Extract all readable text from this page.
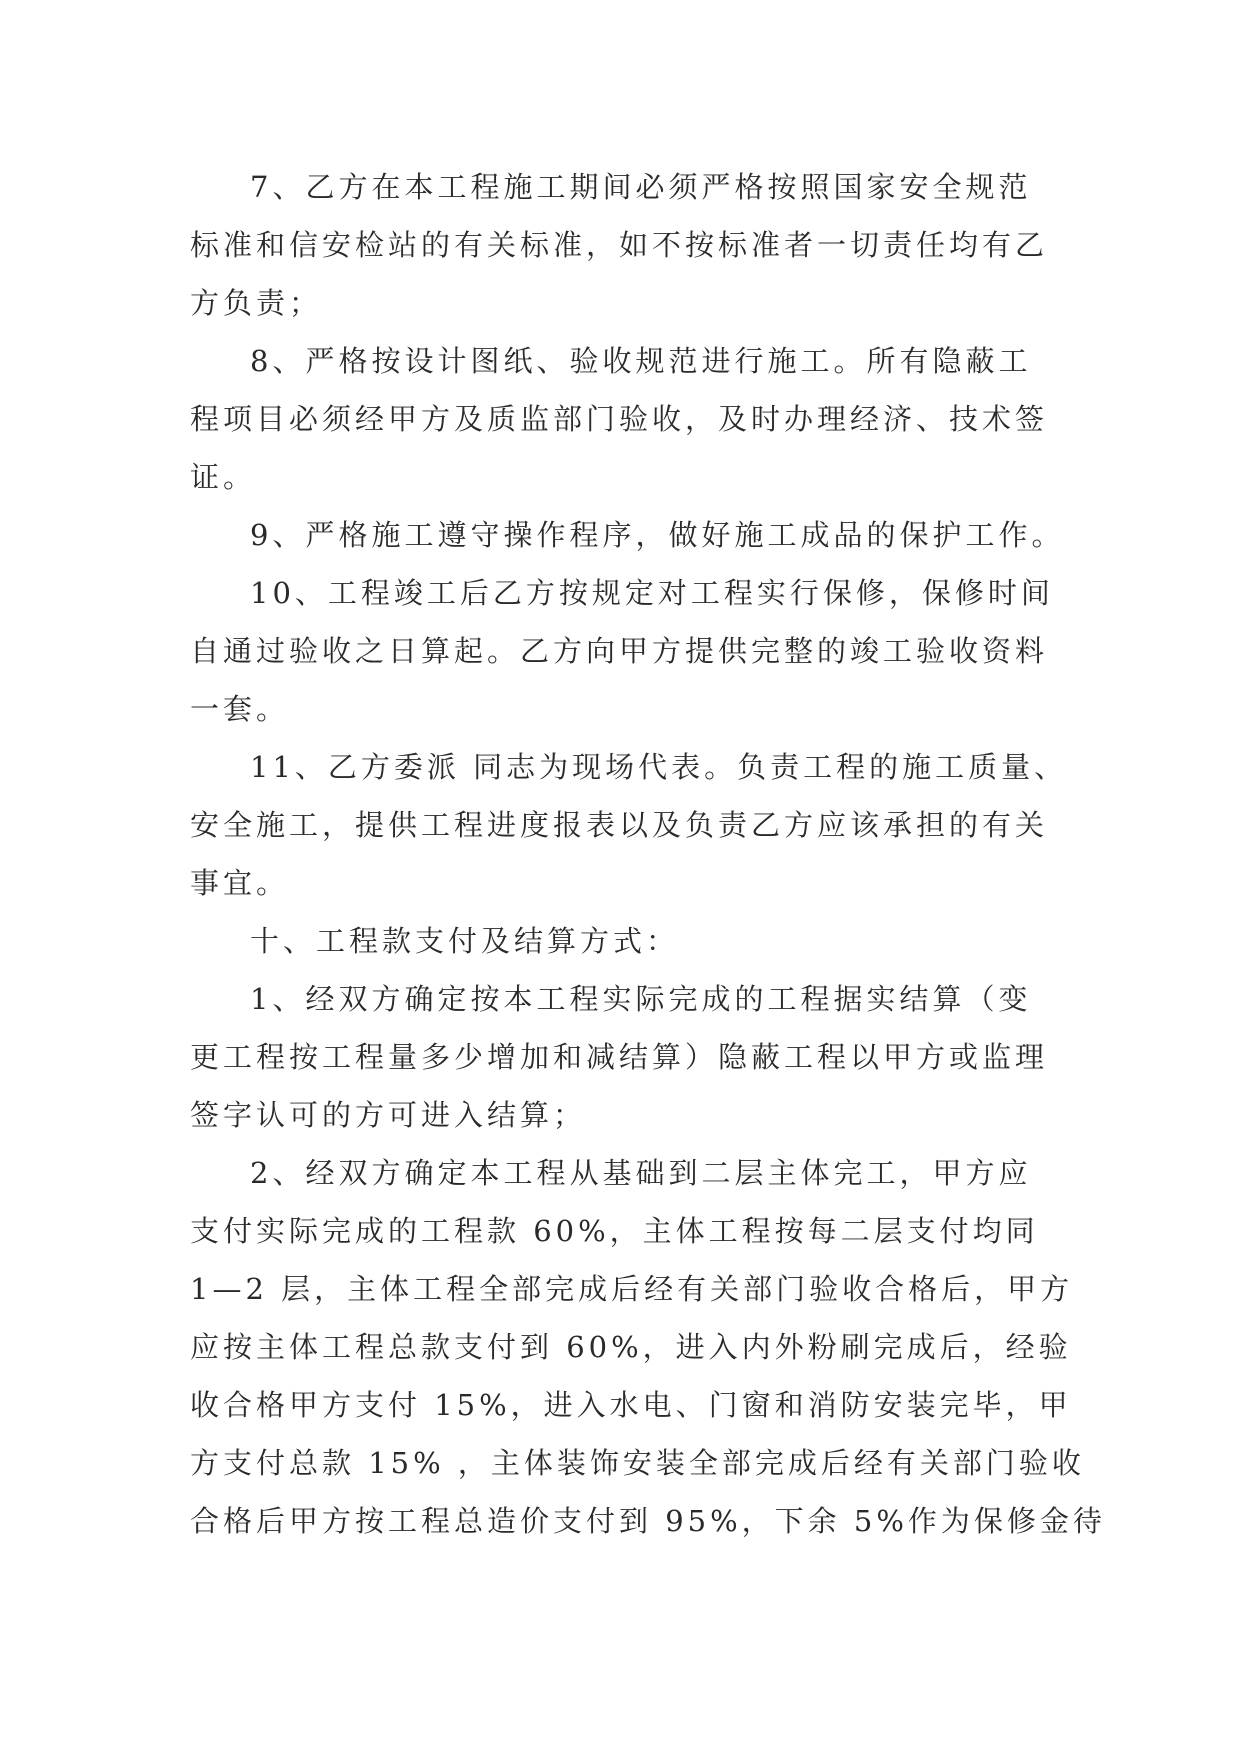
7、乙方在本工程施工期间必须严格按照国家安全规范
标准和信安检站的有关标准，如不按标准者一切责任均有乙
方负责；
8、严格按设计图纸、验收规范进行施工。所有隐蔽工
程项目必须经甲方及质监部门验收，及时办理经济、技术签
证。
9、严格施工遵守操作程序，做好施工成品的保护工作。
10、工程竣工后乙方按规定对工程实行保修，保修时间
自通过验收之日算起。乙方向甲方提供完整的竣工验收资料
一套。
11、乙方委派 同志为现场代表。负责工程的施工质量、
安全施工，提供工程进度报表以及负责乙方应该承担的有关
事宜。
十、工程款支付及结算方式：
1、经双方确定按本工程实际完成的工程据实结算（变
更工程按工程量多少增加和减结算）隐蔽工程以甲方或监理
签字认可的方可进入结算；
2、经双方确定本工程从基础到二层主体完工，甲方应
支付实际完成的工程款 60%，主体工程按每二层支付均同
1—2 层，主体工程全部完成后经有关部门验收合格后，甲方
应按主体工程总款支付到 60%，进入内外粉刷完成后，经验
收合格甲方支付 15%，进入水电、门窗和消防安装完毕，甲
方支付总款 15% ，主体装饰安装全部完成后经有关部门验收
合格后甲方按工程总造价支付到 95%，下余 5%作为保修金待
